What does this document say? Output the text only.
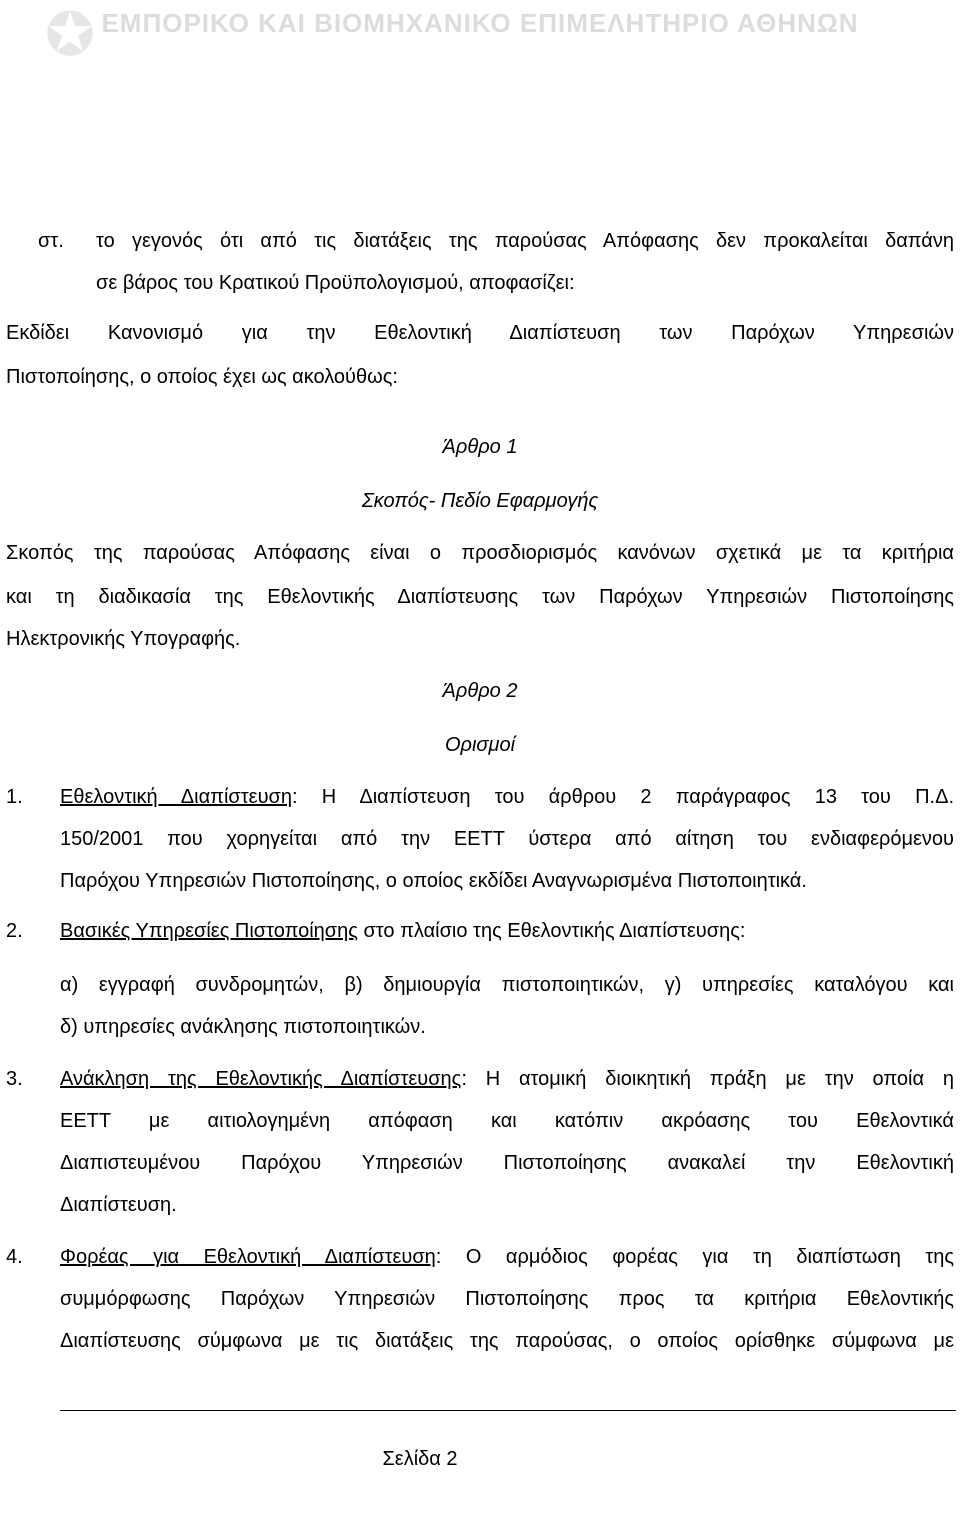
✪ ΕΜΠΟΡΙΚΟ ΚΑΙ ΒΙΟΜΗΧΑΝΙΚΟ ΕΠΙΜΕΛΗΤΗΡΙΟ ΑΘΗΝΩΝ
στ. το γεγονός ότι από τις διατάξεις της παρούσας Απόφασης δεν προκαλείται δαπάνη
σε βάρος του Κρατικού Προϋπολογισμού, αποφασίζει:
Εκδίδει Κανονισμό για την Εθελοντική Διαπίστευση των Παρόχων Υπηρεσιών
Πιστοποίησης, ο οποίος έχει ως ακολούθως:
Άρθρο 1
Σκοπός- Πεδίο Εφαρμογής
Σκοπός της παρούσας Απόφασης είναι ο προσδιορισμός κανόνων σχετικά με τα κριτήρια
και τη διαδικασία της Εθελοντικής Διαπίστευσης των Παρόχων Υπηρεσιών Πιστοποίησης
Ηλεκτρονικής Υπογραφής.
Άρθρο 2
Ορισμοί
1. Εθελοντική Διαπίστευση: Η Διαπίστευση του άρθρου 2 παράγραφος 13 του Π.Δ.
150/2001 που χορηγείται από την ΕΕΤΤ ύστερα από αίτηση του ενδιαφερόμενου
Παρόχου Υπηρεσιών Πιστοποίησης, ο οποίος εκδίδει Αναγνωρισμένα Πιστοποιητικά.
2. Βασικές Υπηρεσίες Πιστοποίησης στο πλαίσιο της Εθελοντικής Διαπίστευσης:
α) εγγραφή συνδρομητών, β) δημιουργία πιστοποιητικών, γ) υπηρεσίες καταλόγου και
δ) υπηρεσίες ανάκλησης πιστοποιητικών.
3. Ανάκληση της Εθελοντικής Διαπίστευσης: Η ατομική διοικητική πράξη με την οποία η
ΕΕΤΤ με αιτιολογημένη απόφαση και κατόπιν ακρόασης του Εθελοντικά
Διαπιστευμένου Παρόχου Υπηρεσιών Πιστοποίησης ανακαλεί την Εθελοντική
Διαπίστευση.
4. Φορέας για Εθελοντική Διαπίστευση: Ο αρμόδιος φορέας για τη διαπίστωση της
συμμόρφωσης Παρόχων Υπηρεσιών Πιστοποίησης προς τα κριτήρια Εθελοντικής
Διαπίστευσης σύμφωνα με τις διατάξεις της παρούσας, ο οποίος ορίσθηκε σύμφωνα με
Σελίδα 2
